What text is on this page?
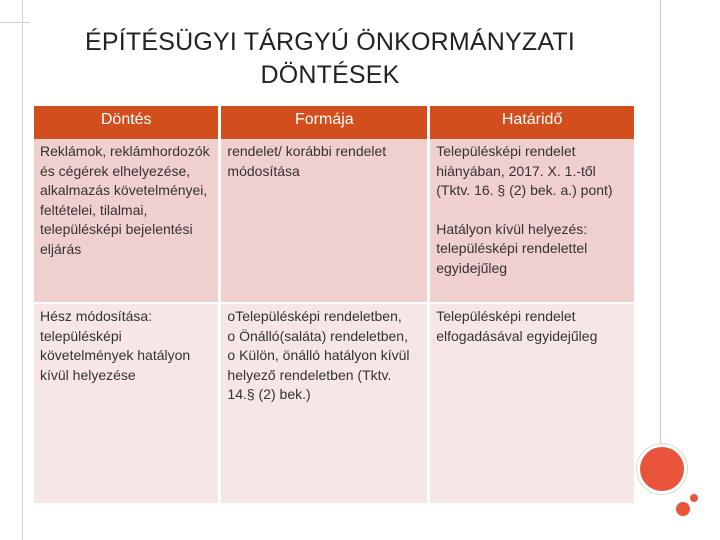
ÉPÍTÉSÜGYI TÁRGYÚ ÖNKORMÁNYZATI
DÖNTÉSEK
Döntés	Formája	Határidő

Reklámok, reklámhordozók és cégérek elhelyezése, alkalmazás követelményei, feltételei, tilalmai, településképi bejelentési eljárás	rendelet/ korábbi rendelet módosítása	Településképi rendelet hiányában, 2017. X. 1.-től (Tktv. 16. § (2) bek. a.) pont)
Hatályon kívül helyezés: településképi rendelettel egyidejűleg

Hész módosítása: településképi követelmények hatályon kívül helyezése	oTelepülésképi rendeletben,
o Önálló(saláta) rendeletben,
o Külön, önálló hatályon kívül helyező rendeletben (Tktv. 14.§ (2) bek.)	Településképi rendelet elfogadásával egyidejűleg
